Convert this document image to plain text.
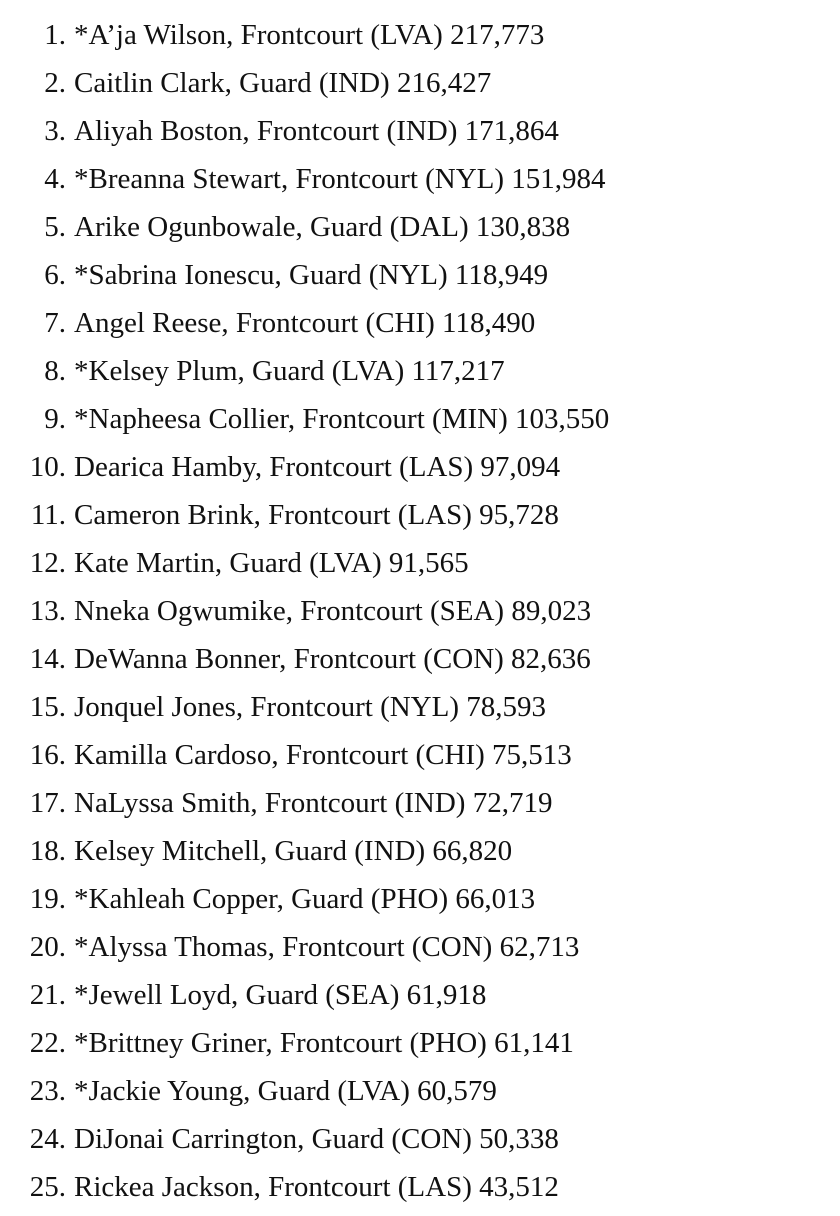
1. *A’ja Wilson, Frontcourt (LVA) 217,773
2. Caitlin Clark, Guard (IND) 216,427
3. Aliyah Boston, Frontcourt (IND) 171,864
4. *Breanna Stewart, Frontcourt (NYL) 151,984
5. Arike Ogunbowale, Guard (DAL) 130,838
6. *Sabrina Ionescu, Guard (NYL) 118,949
7. Angel Reese, Frontcourt (CHI) 118,490
8. *Kelsey Plum, Guard (LVA) 117,217
9. *Napheesa Collier, Frontcourt (MIN) 103,550
10. Dearica Hamby, Frontcourt (LAS) 97,094
11. Cameron Brink, Frontcourt (LAS) 95,728
12. Kate Martin, Guard (LVA) 91,565
13. Nneka Ogwumike, Frontcourt (SEA) 89,023
14. DeWanna Bonner, Frontcourt (CON) 82,636
15. Jonquel Jones, Frontcourt (NYL) 78,593
16. Kamilla Cardoso, Frontcourt (CHI) 75,513
17. NaLyssa Smith, Frontcourt (IND) 72,719
18. Kelsey Mitchell, Guard (IND) 66,820
19. *Kahleah Copper, Guard (PHO) 66,013
20. *Alyssa Thomas, Frontcourt (CON) 62,713
21. *Jewell Loyd, Guard (SEA) 61,918
22. *Brittney Griner, Frontcourt (PHO) 61,141
23. *Jackie Young, Guard (LVA) 60,579
24. DiJonai Carrington, Guard (CON) 50,338
25. Rickea Jackson, Frontcourt (LAS) 43,512
